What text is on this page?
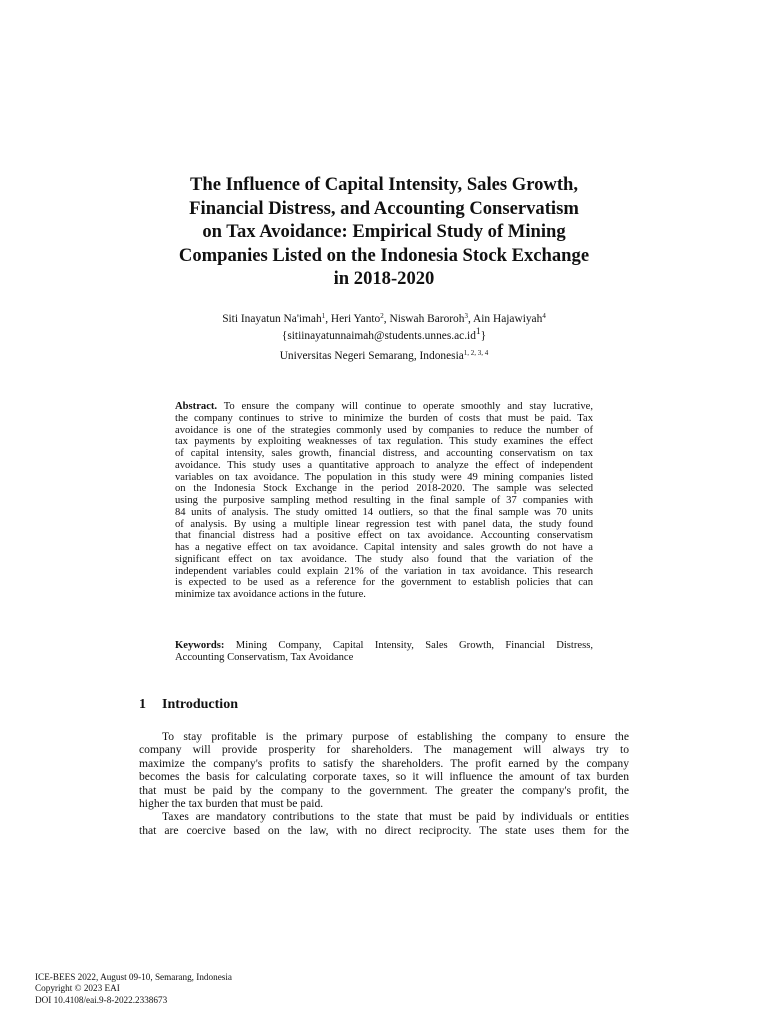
The Influence of Capital Intensity, Sales Growth,
Financial Distress, and Accounting Conservatism
on Tax Avoidance: Empirical Study of Mining
Companies Listed on the Indonesia Stock Exchange
in 2018-2020
Siti Inayatun Na'imah$^1$, Heri Yanto$^2$, Niswah Baroroh$^3$, Ain Hajawiyah$^4$
$\{sitiinayatunnaimah@students.unnes.ac.id^1\}$
Universitas Negeri Semarang, Indonesia$^{1, 2, 3, 4}$
Abstract. To ensure the company will continue to operate smoothly and stay lucrative,
the company continues to strive to minimize the burden of costs that must be paid. Tax
avoidance is one of the strategies commonly used by companies to reduce the number of
tax payments by exploiting weaknesses of tax regulation. This study examines the effect
of capital intensity, sales growth, financial distress, and accounting conservatism on tax
avoidance. This study uses a quantitative approach to analyze the effect of independent
variables on tax avoidance. The population in this study were 49 mining companies listed
on the Indonesia Stock Exchange in the period 2018-2020. The sample was selected
using the purposive sampling method resulting in the final sample of 37 companies with
84 units of analysis. The study omitted 14 outliers, so that the final sample was 70 units
of analysis. By using a multiple linear regression test with panel data, the study found
that financial distress had a positive effect on tax avoidance. Accounting conservatism
has a negative effect on tax avoidance. Capital intensity and sales growth do not have a
significant effect on tax avoidance. The study also found that the variation of the
independent variables could explain 21% of the variation in tax avoidance. This research
is expected to be used as a reference for the government to establish policies that can
minimize tax avoidance actions in the future.
Keywords: Mining Company, Capital Intensity, Sales Growth, Financial Distress,
Accounting Conservatism, Tax Avoidance
1 Introduction
To stay profitable is the primary purpose of establishing the company to ensure the
company will provide prosperity for shareholders. The management will always try to
maximize the company's profits to satisfy the shareholders. The profit earned by the company
becomes the basis for calculating corporate taxes, so it will influence the amount of tax burden
that must be paid by the company to the government. The greater the company's profit, the
higher the tax burden that must be paid.
Taxes are mandatory contributions to the state that must be paid by individuals or entities
that are coercive based on the law, with no direct reciprocity. The state uses them for the
ICE-BEES 2022, August 09-10, Semarang, Indonesia
Copyright © 2023 EAI
DOI 10.4108/eai.9-8-2022.2338673
